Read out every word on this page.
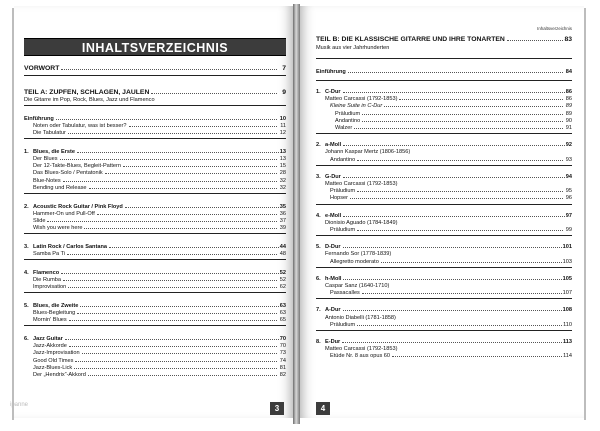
INHALTSVERZEICHNIS
VORWORT	7
TEIL A: ZUPFEN, SCHLAGEN, JAULEN	9
Die Gitarre im Pop, Rock, Blues, Jazz und Flamenco
Einführung	10
Noten oder Tabulatur, was ist besser?	11
Die Tabulatur	12
1. Blues, die Erste	13
Der Blues	13
Der 12-Takte-Blues, Begleit-Pattern	15
Das Blues-Solo / Pentatonik	28
Blue-Notes	32
Bending und Release	32
2. Acoustic Rock Guitar / Pink Floyd	35
Hammer-On und Pull-Off	36
Slide	37
Wish you were here	39
3. Latin Rock / Carlos Santana	44
Samba Pa Ti	48
4. Flamenco	52
Die Rumba	52
Improvisation	62
5. Blues, die Zweite	63
Blues-Begleitung	63
Mornin' Blues	65
6. Jazz Guitar	70
Jazz-Akkorde	70
Jazz-Improvisation	73
Good Old Times	74
Jazz-Blues-Lick	81
Der „Hendrix“-Akkord	82
Inhaltsverzeichnis
TEIL B: DIE KLASSISCHE GITARRE UND IHRE TONARTEN	83
Musik aus vier Jahrhunderten
Einführung	84
1. C-Dur	86
Matteo Carcassi (1792-1853)	86
Kleine Suite in C-Dur	89
Präludium	89
Andantino	90
Walzer	91
2. a-Moll	92
Johann Kaspar Mertz (1806-1856)
Andantino	93
3. G-Dur	94
Matteo Carcassi (1792-1853)
Präludium	95
Hopser	96
4. e-Moll	97
Dionisio Aguado (1784-1849)
Präludium	99
5. D-Dur	101
Fernando Sor (1778-1839)
Allegretto moderato	103
6. h-Moll	105
Caspar Sanz (1640-1710)
Passacalles	107
7. A-Dur	108
Antonio Diabelli (1781-1858)
Präludium	110
8. E-Dur	113
Matteo Carcassi (1792-1853)
Etüde Nr. 8 aus opus 60	114
3	4
ipanne
